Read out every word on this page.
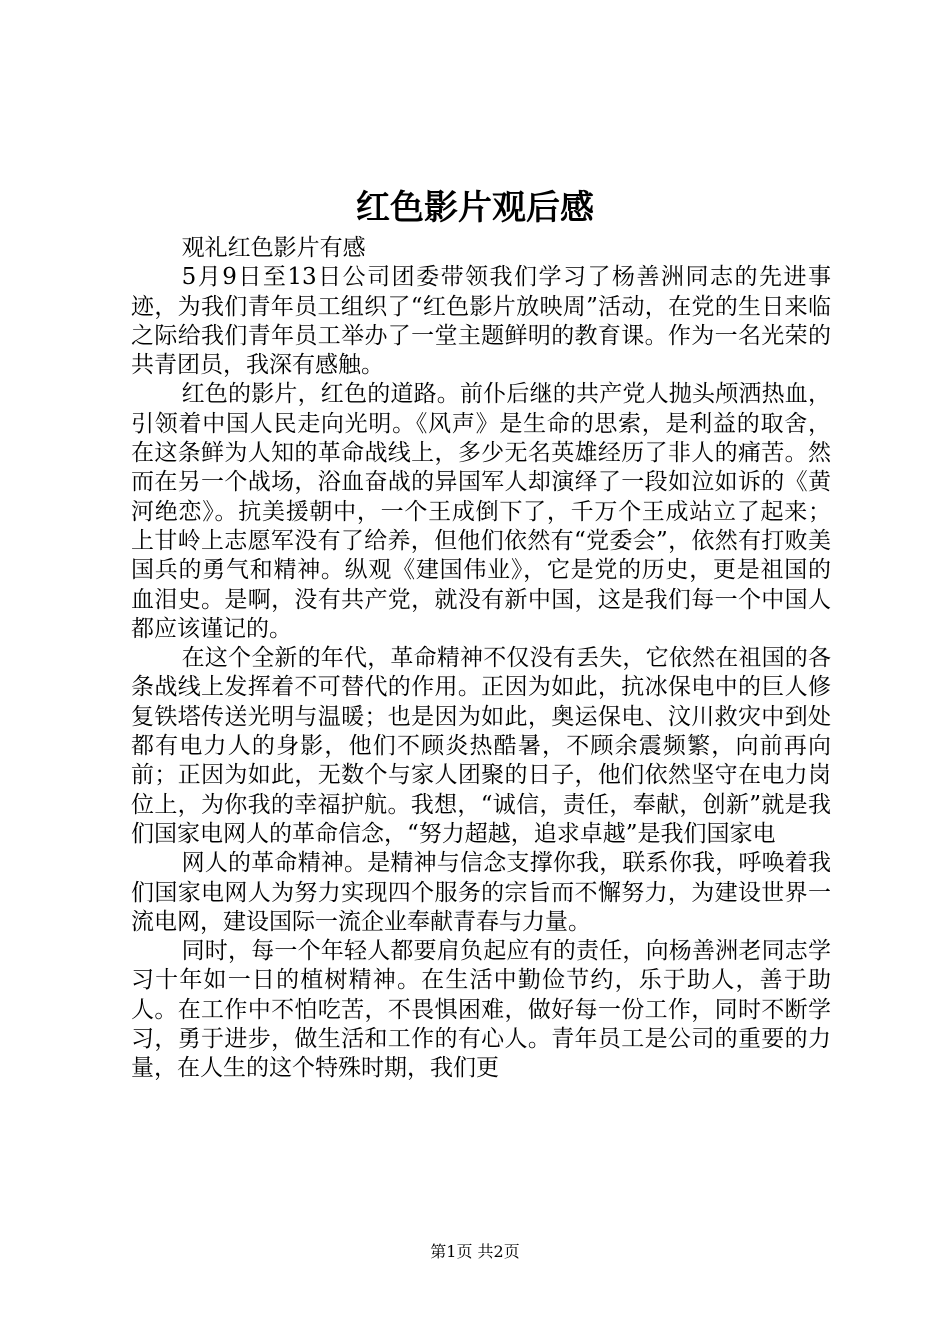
红色影片观后感

观礼红色影片有感

5月9日至13日公司团委带领我们学习了杨善洲同志的先进事迹，为我们青年员工组织了“红色影片放映周”活动，在党的生日来临之际给我们青年员工举办了一堂主题鲜明的教育课。作为一名光荣的共青团员，我深有感触。

红色的影片，红色的道路。前仆后继的共产党人抛头颅洒热血，引领着中国人民走向光明。《风声》是生命的思索，是利益的取舍，在这条鲜为人知的革命战线上，多少无名英雄经历了非人的痛苦。然而在另一个战场，浴血奋战的异国军人却演绎了一段如泣如诉的《黄河绝恋》。抗美援朝中，一个王成倒下了，千万个王成站立了起来；上甘岭上志愿军没有了给养，但他们依然有“党委会”，依然有打败美国兵的勇气和精神。纵观《建国伟业》，它是党的历史，更是祖国的血泪史。是啊，没有共产党，就没有新中国，这是我们每一个中国人都应该谨记的。

在这个全新的年代，革命精神不仅没有丢失，它依然在祖国的各条战线上发挥着不可替代的作用。正因为如此，抗冰保电中的巨人修复铁塔传送光明与温暖；也是因为如此，奥运保电、汶川救灾中到处都有电力人的身影，他们不顾炎热酷暑，不顾余震频繁，向前再向前；正因为如此，无数个与家人团聚的日子，他们依然坚守在电力岗位上，为你我的幸福护航。我想，“诚信，责任，奉献，创新”就是我们国家电网人的革命信念，“努力超越，追求卓越”是我们国家电

网人的革命精神。是精神与信念支撑你我，联系你我，呼唤着我们国家电网人为努力实现四个服务的宗旨而不懈努力，为建设世界一流电网，建设国际一流企业奉献青春与力量。

同时，每一个年轻人都要肩负起应有的责任，向杨善洲老同志学习十年如一日的植树精神。在生活中勤俭节约，乐于助人，善于助人。在工作中不怕吃苦，不畏惧困难，做好每一份工作，同时不断学习，勇于进步，做生活和工作的有心人。青年员工是公司的重要的力量，在人生的这个特殊时期，我们更

第1页 共2页
